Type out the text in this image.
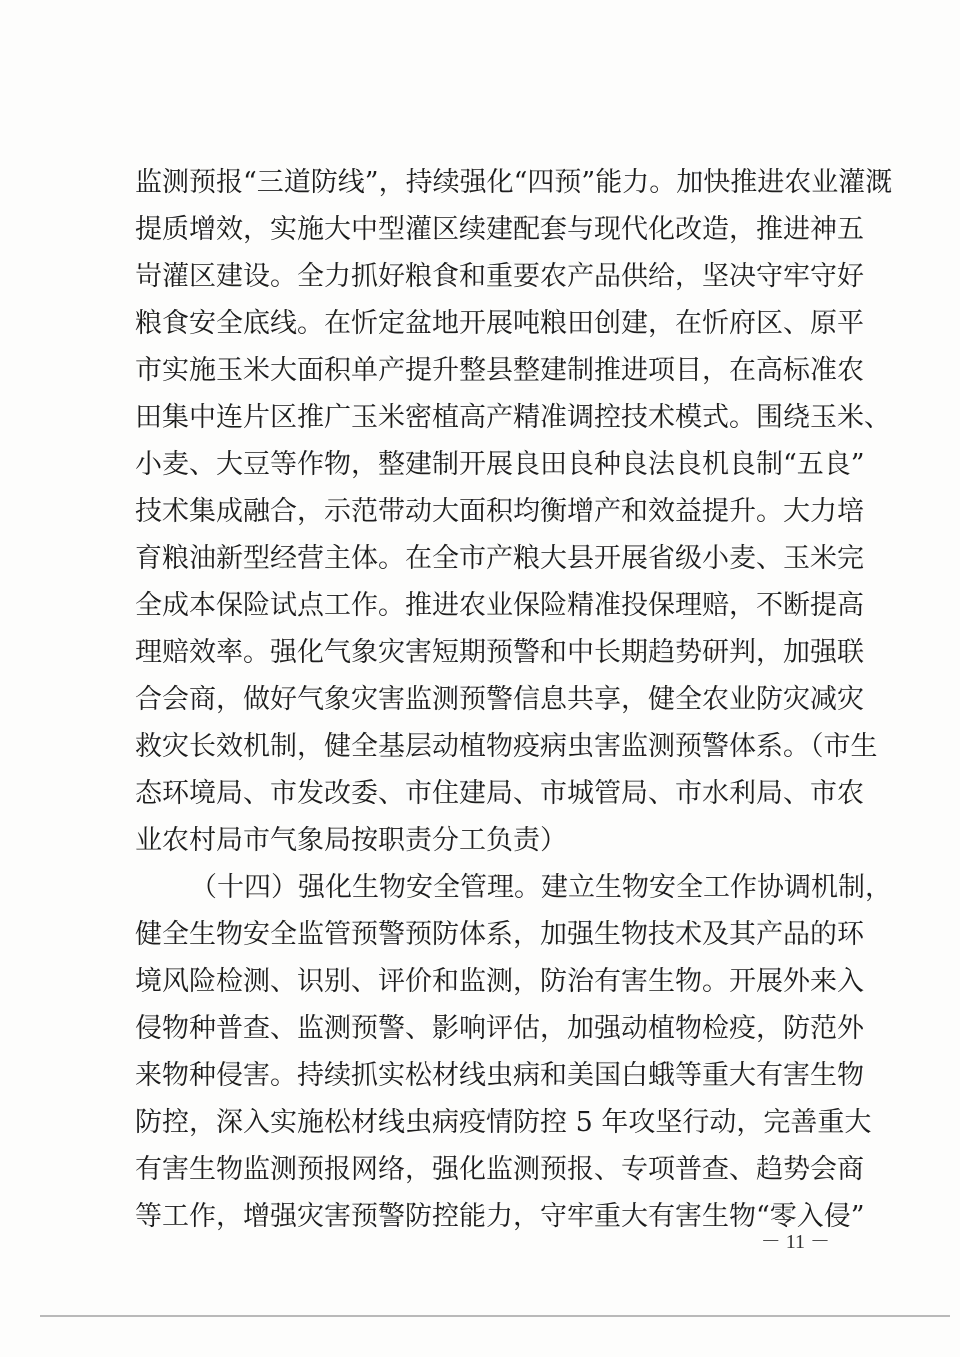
监测预报“三道防线”，持续强化“四预”能力。加快推进农业灌溉
提质增效，实施大中型灌区续建配套与现代化改造，推进神五
岢灌区建设。全力抓好粮食和重要农产品供给，坚决守牢守好
粮食安全底线。在忻定盆地开展吨粮田创建，在忻府区、原平
市实施玉米大面积单产提升整县整建制推进项目，在高标准农
田集中连片区推广玉米密植高产精准调控技术模式。围绕玉米、
小麦、大豆等作物，整建制开展良田良种良法良机良制“五良”
技术集成融合，示范带动大面积均衡增产和效益提升。大力培
育粮油新型经营主体。在全市产粮大县开展省级小麦、玉米完
全成本保险试点工作。推进农业保险精准投保理赔，不断提高
理赔效率。强化气象灾害短期预警和中长期趋势研判，加强联
合会商，做好气象灾害监测预警信息共享，健全农业防灾减灾
救灾长效机制，健全基层动植物疫病虫害监测预警体系。（市生
态环境局、市发改委、市住建局、市城管局、市水利局、市农
业农村局市气象局按职责分工负责）
（十四）强化生物安全管理。建立生物安全工作协调机制，
健全生物安全监管预警预防体系，加强生物技术及其产品的环
境风险检测、识别、评价和监测，防治有害生物。开展外来入
侵物种普查、监测预警、影响评估，加强动植物检疫，防范外
来物种侵害。持续抓实松材线虫病和美国白蛾等重大有害生物
防控，深入实施松材线虫病疫情防控 5 年攻坚行动，完善重大
有害生物监测预报网络，强化监测预报、专项普查、趋势会商
等工作，增强灾害预警防控能力，守牢重大有害生物“零入侵”
－ 11 －
